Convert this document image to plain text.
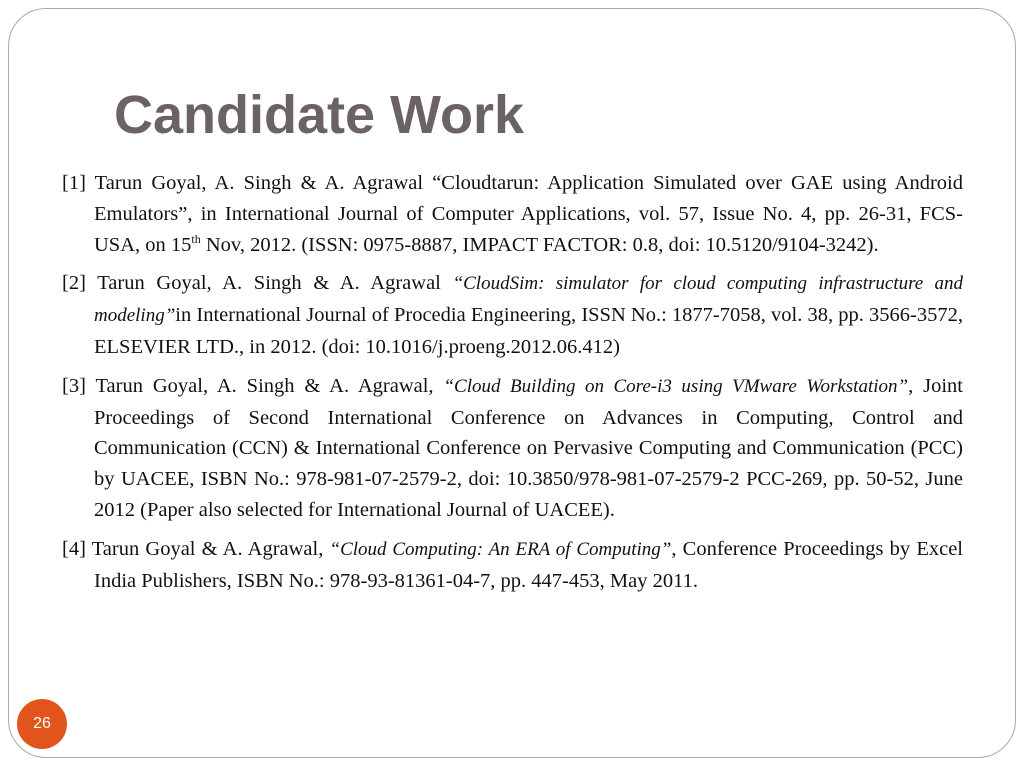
Candidate Work

[1] Tarun Goyal, A. Singh & A. Agrawal “Cloudtarun: Application Simulated over GAE using Android Emulators”, in International Journal of Computer Applications, vol. 57, Issue No. 4, pp. 26-31, FCS-USA, on 15th Nov, 2012. (ISSN: 0975-8887, IMPACT FACTOR: 0.8, doi: 10.5120/9104-3242).

[2] Tarun Goyal, A. Singh & A. Agrawal “CloudSim: simulator for cloud computing infrastructure and modeling”in International Journal of Procedia Engineering, ISSN No.: 1877-7058, vol. 38, pp. 3566-3572, ELSEVIER LTD., in 2012. (doi: 10.1016/j.proeng.2012.06.412)

[3] Tarun Goyal, A. Singh & A. Agrawal, “Cloud Building on Core-i3 using VMware Workstation”, Joint Proceedings of Second International Conference on Advances in Computing, Control and Communication (CCN) & International Conference on Pervasive Computing and Communication (PCC) by UACEE, ISBN No.: 978-981-07-2579-2, doi: 10.3850/978-981-07-2579-2 PCC-269, pp. 50-52, June 2012 (Paper also selected for International Journal of UACEE).

[4] Tarun Goyal & A. Agrawal, “Cloud Computing: An ERA of Computing”, Conference Proceedings by Excel India Publishers, ISBN No.: 978-93-81361-04-7, pp. 447-453, May 2011.

26
